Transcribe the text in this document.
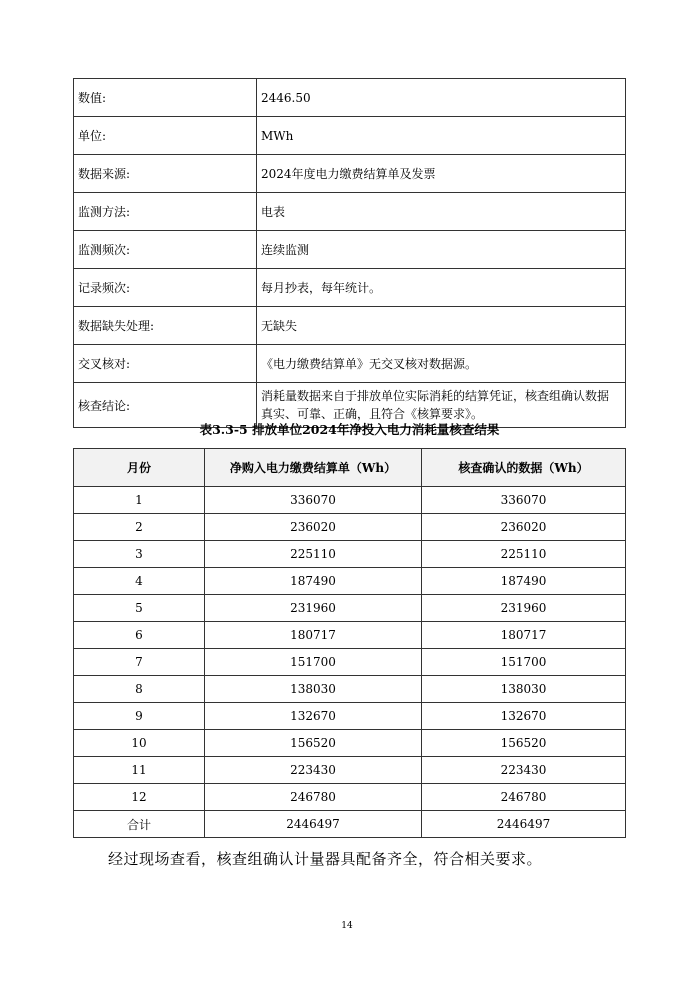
数值:	2446.50
单位:	MWh
数据来源:	2024年度电力缴费结算单及发票
监测方法:	电表
监测频次:	连续监测
记录频次:	每月抄表，每年统计。
数据缺失处理:	无缺失
交叉核对:	《电力缴费结算单》无交叉核对数据源。
核查结论:	消耗量数据来自于排放单位实际消耗的结算凭证，核查组确认数据真实、可靠、正确，且符合《核算要求》。
表3.3-5 排放单位2024年净投入电力消耗量核查结果
月份	净购入电力缴费结算单（Wh）	核查确认的数据（Wh）
1	336070	336070
2	236020	236020
3	225110	225110
4	187490	187490
5	231960	231960
6	180717	180717
7	151700	151700
8	138030	138030
9	132670	132670
10	156520	156520
11	223430	223430
12	246780	246780
合计	2446497	2446497
经过现场查看，核查组确认计量器具配备齐全，符合相关要求。
14
